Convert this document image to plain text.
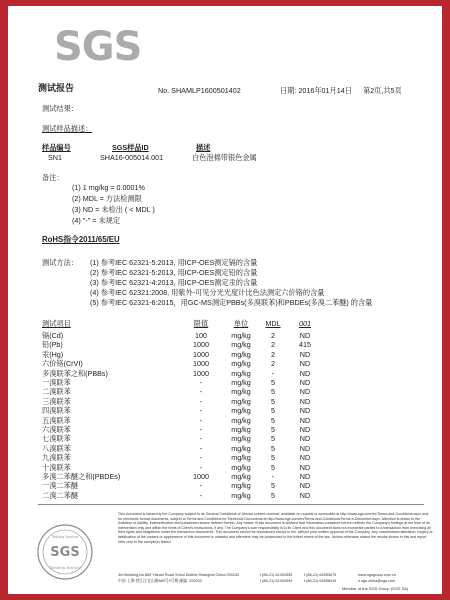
SGS
测试报告	No. SHAMLP1600501402	日期: 2016年01月14日 第2页,共5页
测试结果：
测试样品描述：
样品编号	SGS样品ID	描述
SN1	SHA16-005014.001	白色泡棉带银色金属
备注：
(1) 1 mg/kg = 0.0001%
(2) MDL = 方法检测限
(3) ND = 未检出 ( < MDL )
(4) "-" = 未规定
RoHS指令2011/65/EU
测试方法： (1) 参考IEC 62321-5:2013, 用ICP-OES测定镉的含量
(2) 参考IEC 62321-5:2013, 用ICP-OES测定铅的含量
(3) 参考IEC 62321-4:2013, 用ICP-OES测定汞的含量
(4) 参考IEC 62321:2008, 用紫外-可见分光光度计比色法测定六价铬的含量
(5) 参考IEC 62321-6:2015，用GC-MS测定PBBs(多溴联苯)和PBDEs(多溴二苯醚) 的含量
测试项目	限值	单位	MDL	001
镉(Cd)	100	mg/kg	2	ND
铅(Pb)	1000	mg/kg	2	415
汞(Hg)	1000	mg/kg	2	ND
六价铬(CrVI)	1000	mg/kg	2	ND
多溴联苯之和(PBBs)	1000	mg/kg	-	ND
一溴联苯	-	mg/kg	5	ND
二溴联苯	-	mg/kg	5	ND
三溴联苯	-	mg/kg	5	ND
四溴联苯	-	mg/kg	5	ND
五溴联苯	-	mg/kg	5	ND
六溴联苯	-	mg/kg	5	ND
七溴联苯	-	mg/kg	5	ND
八溴联苯	-	mg/kg	5	ND
九溴联苯	-	mg/kg	5	ND
十溴联苯	-	mg/kg	5	ND
多溴二苯醚之和(PBDEs)	1000	mg/kg	-	ND
一溴二苯醚	-	mg/kg	5	ND
二溴二苯醚	-	mg/kg	5	ND
SGS
Testing Service
Standards Technical
This document is issued by the Company subject to its General Conditions of Service printed overleaf, available on request or accessible at http://www.sgs.com/en/Terms-and-Conditions.aspx and, for electronic format documents, subject to Terms and Conditions for Electronic Documents at http://www.sgs.com/en/Terms-and-Conditions/Terms-e-Document.aspx. Attention is drawn to the limitation of liability, indemnification and jurisdiction issues defined therein. Any holder of this document is advised that information contained hereon reflects the Company's findings at the time of its intervention only and within the limits of Client's instructions, if any. The Company's sole responsibility is to its Client and this document does not exonerate parties to a transaction from exercising all their rights and obligations under the transaction documents. This document cannot be reproduced except in full, without prior written approval of the Company. Any unauthorized alteration, forgery or falsification of the content or appearance of this document is unlawful and offenders may be prosecuted to the fullest extent of the law. Unless otherwise stated the results shown in this test report refer only to the sample(s) tested.
3rd Building,No.889 Yishan Road Xuhui District,Shanghai China 200233
中国·上海·徐汇区宜山路889号3号楼 邮编: 200233
t (86-21) 61402553	f (86-21) 64953679
t (86-21) 61402594	f (86-21) 64958419
www.sgsgroup.com.cn
e sgs.china@sgs.com
Member of the SGS Group (SGS SA)
